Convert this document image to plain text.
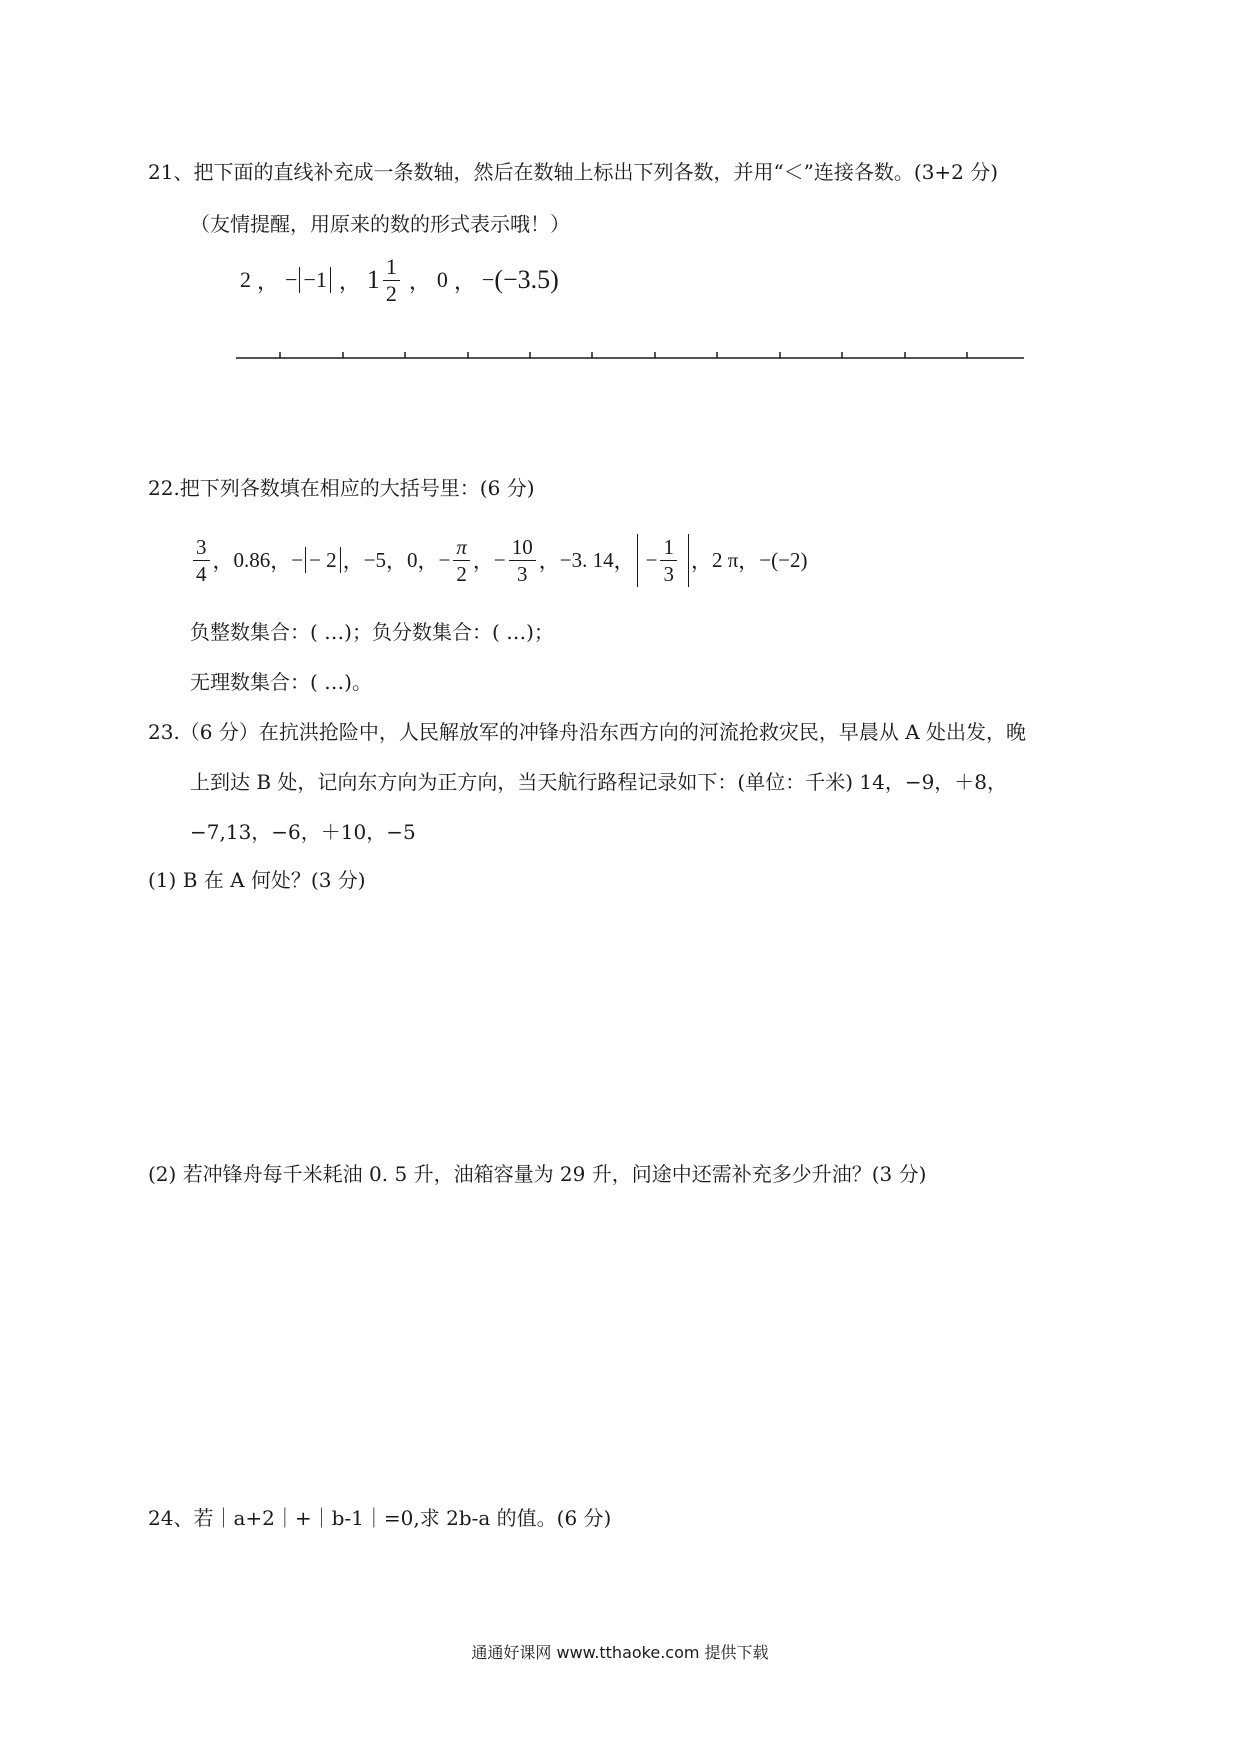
21、把下面的直线补充成一条数轴，然后在数轴上标出下列各数，并用“＜”连接各数。(3+2 分)
（友情提醒，用原来的数的形式表示哦！）
2 ， − −1 ， $1 \frac{1}{2}$ ， 0 ， − (−3.5)
22.把下列各数填在相应的大括号里：(6 分)
$\frac{3}{4}$ ， 0.86 ， − − 2 ， −5 ， 0 ， − $\frac{\pi}{2}$ ， − $\frac{10}{3}$ ， −3. 14 ， − $\frac{1}{3}$ ， 2 π ， −(−2)
负整数集合：( …)；负分数集合：( …)；
无理数集合：( …)。
23.（6 分）在抗洪抢险中，人民解放军的冲锋舟沿东西方向的河流抢救灾民，早晨从 A 处出发，晚
上到达 B 处，记向东方向为正方向，当天航行路程记录如下：(单位：千米) 14，−9，＋8，
−7,13，−6，＋10，−5
(1) B 在 A 何处？(3 分)
(2) 若冲锋舟每千米耗油 0. 5 升，油箱容量为 29 升，问途中还需补充多少升油？(3 分)
24、若｜a+2｜+｜b-1｜=0,求 2b-a 的值。(6 分)
通通好课网 www.tthaoke.com 提供下载
